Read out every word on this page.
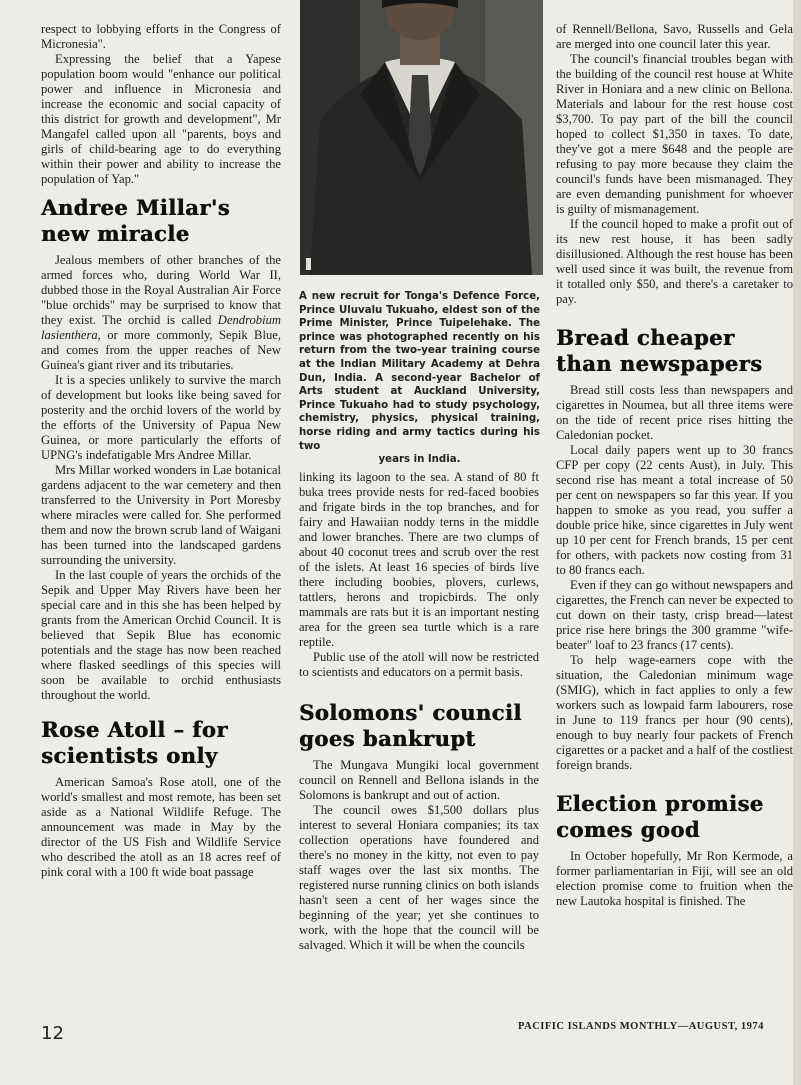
respect to lobbying efforts in the Congress of Micronesia".

Expressing the belief that a Yapese population boom would "enhance our political power and influence in Micronesia and increase the economic and social capacity of this district for growth and development", Mr Mangafel called upon all "parents, boys and girls of child-bearing age to do everything within their power and ability to increase the population of Yap."

Andree Millar's new miracle

Jealous members of other branches of the armed forces who, during World War II, dubbed those in the Royal Australian Air Force "blue orchids" may be surprised to know that they exist. The orchid is called Dendrobium lasienthera, or more commonly, Sepik Blue, and comes from the upper reaches of New Guinea's giant river and its tributaries.

It is a species unlikely to survive the march of development but looks like being saved for posterity and the orchid lovers of the world by the efforts of the University of Papua New Guinea, or more particularly the efforts of UPNG's indefatigable Mrs Andree Millar.

Mrs Millar worked wonders in Lae botanical gardens adjacent to the war cemetery and then transferred to the University in Port Moresby where miracles were called for. She performed them and now the brown scrub land of Waigani has been turned into the landscaped gardens surrounding the university.

In the last couple of years the orchids of the Sepik and Upper May Rivers have been her special care and in this she has been helped by grants from the American Orchid Council. It is believed that Sepik Blue has economic potentials and the stage has now been reached where flasked seedlings of this species will soon be available to orchid enthusiasts throughout the world.

Rose Atoll – for scientists only

American Samoa's Rose atoll, one of the world's smallest and most remote, has been set aside as a National Wildlife Refuge. The announcement was made in May by the director of the US Fish and Wildlife Service who described the atoll as an 18 acres reef of pink coral with a 100 ft wide boat passage

A new recruit for Tonga's Defence Force, Prince Uluvalu Tukuaho, eldest son of the Prime Minister, Prince Tuipelehake. The prince was photographed recently on his return from the two-year training course at the Indian Military Academy at Dehra Dun, India. A second-year Bachelor of Arts student at Auckland University, Prince Tukuaho had to study psychology, chemistry, physics, physical training, horse riding and army tactics during his two
years in India.

linking its lagoon to the sea. A stand of 80 ft buka trees provide nests for red-faced boobies and frigate birds in the top branches, and for fairy and Hawaiian noddy terns in the middle and lower branches. There are two clumps of about 40 coconut trees and scrub over the rest of the islets. At least 16 species of birds live there including boobies, plovers, curlews, tattlers, herons and tropicbirds. The only mammals are rats but it is an important nesting area for the green sea turtle which is a rare reptile.

Public use of the atoll will now be restricted to scientists and educators on a permit basis.

Solomons' council goes bankrupt

The Mungava Mungiki local government council on Rennell and Bellona islands in the Solomons is bankrupt and out of action.

The council owes $1,500 dollars plus interest to several Honiara companies; its tax collection operations have foundered and there's no money in the kitty, not even to pay staff wages over the last six months. The registered nurse running clinics on both islands hasn't seen a cent of her wages since the beginning of the year; yet she continues to work, with the hope that the council will be salvaged. Which it will be when the councils

of Rennell/Bellona, Savo, Russells and Gela are merged into one council later this year.

The council's financial troubles began with the building of the council rest house at White River in Honiara and a new clinic on Bellona. Materials and labour for the rest house cost $3,700. To pay part of the bill the council hoped to collect $1,350 in taxes. To date, they've got a mere $648 and the people are refusing to pay more because they claim the council's funds have been mismanaged. They are even demanding punishment for whoever is guilty of mismanagement.

If the council hoped to make a profit out of its new rest house, it has been sadly disillusioned. Although the rest house has been well used since it was built, the revenue from it totalled only $50, and there's a caretaker to pay.

Bread cheaper than newspapers

Bread still costs less than newspapers and cigarettes in Noumea, but all three items were on the tide of recent price rises hitting the Caledonian pocket.

Local daily papers went up to 30 francs CFP per copy (22 cents Aust), in July. This second rise has meant a total increase of 50 per cent on newspapers so far this year. If you happen to smoke as you read, you suffer a double price hike, since cigarettes in July went up 10 per cent for French brands, 15 per cent for others, with packets now costing from 31 to 80 francs each.

Even if they can go without newspapers and cigarettes, the French can never be expected to cut down on their tasty, crisp bread—latest price rise here brings the 300 gramme "wife-beater" loaf to 23 francs (17 cents).

To help wage-earners cope with the situation, the Caledonian minimum wage (SMIG), which in fact applies to only a few workers such as lowpaid farm labourers, rose in June to 119 francs per hour (90 cents), enough to buy nearly four packets of French cigarettes or a packet and a half of the costliest foreign brands.

Election promise comes good

In October hopefully, Mr Ron Kermode, a former parliamentarian in Fiji, will see an old election promise come to fruition when the new Lautoka hospital is finished. The

12	PACIFIC ISLANDS MONTHLY—AUGUST, 1974
